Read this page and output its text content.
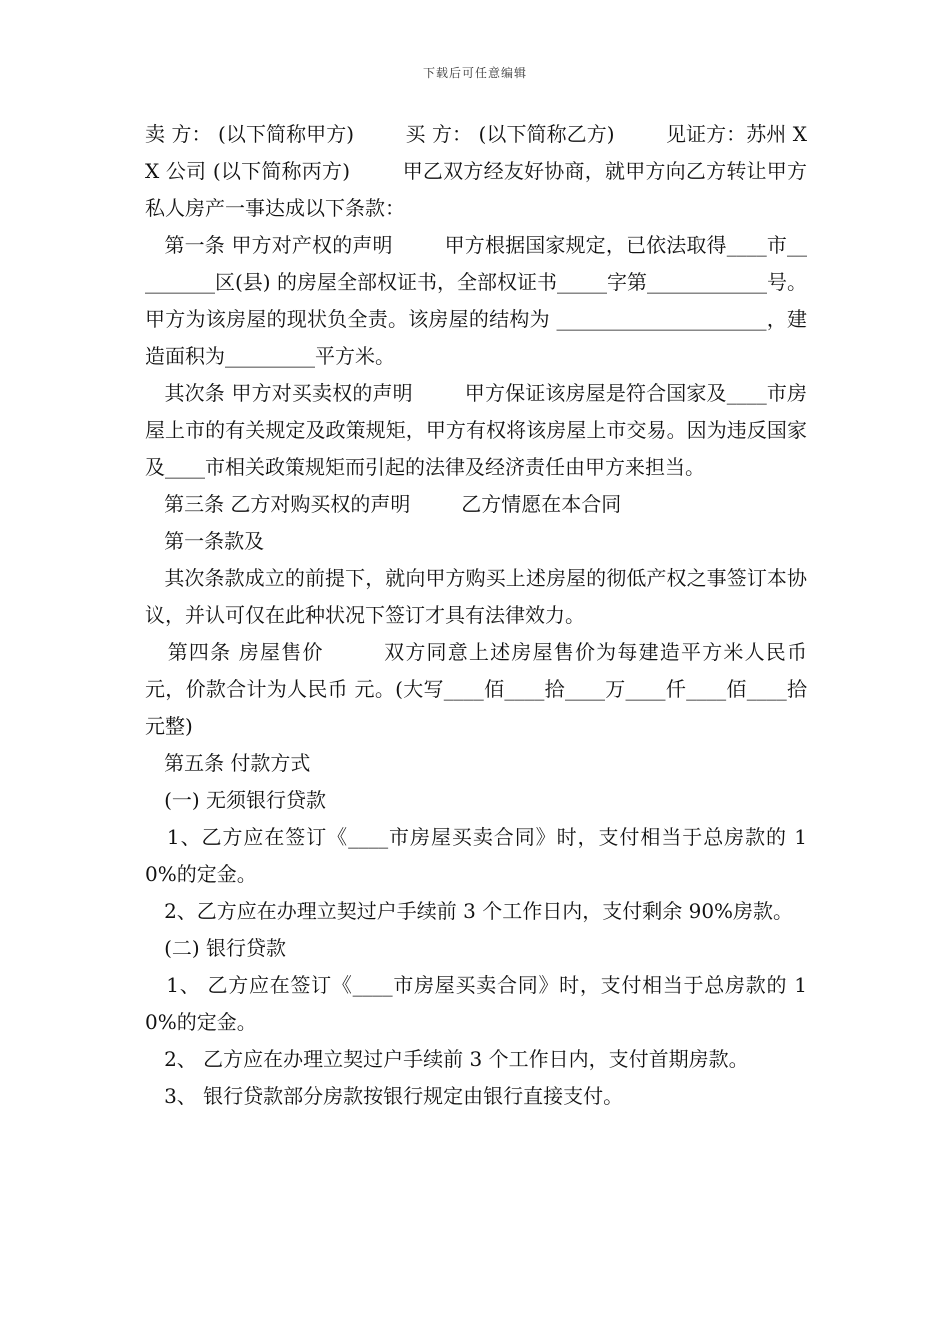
下载后可任意编辑

卖 方： (以下简称甲方)        买 方： (以下简称乙方)        见证方：苏州 XX 公司 (以下简称丙方)        甲乙双方经友好协商，就甲方向乙方转让甲方私人房产一事达成以下条款：

第一条 甲方对产权的声明        甲方根据国家规定，已依法取得____市_________区(县) 的房屋全部权证书，全部权证书_____字第____________号。甲方为该房屋的现状负全责。该房屋的结构为 _____________________，建造面积为_________平方米。

其次条 甲方对买卖权的声明        甲方保证该房屋是符合国家及____市房屋上市的有关规定及政策规矩，甲方有权将该房屋上市交易。因为违反国家及____市相关政策规矩而引起的法律及经济责任由甲方来担当。

第三条 乙方对购买权的声明        乙方情愿在本合同

第一条款及

其次条款成立的前提下，就向甲方购买上述房屋的彻低产权之事签订本协议，并认可仅在此种状况下签订才具有法律效力。

第四条 房屋售价        双方同意上述房屋售价为每建造平方米人民币 元，价款合计为人民币 元。(大写____佰____拾____万____仟____佰____拾元整)

第五条 付款方式

(一) 无须银行贷款

1、乙方应在签订《____市房屋买卖合同》时，支付相当于总房款的 10%的定金。

2、乙方应在办理立契过户手续前 3 个工作日内，支付剩余 90%房款。

(二) 银行贷款

1、 乙方应在签订《____市房屋买卖合同》时，支付相当于总房款的 10%的定金。

2、 乙方应在办理立契过户手续前 3 个工作日内，支付首期房款。

3、 银行贷款部分房款按银行规定由银行直接支付。
